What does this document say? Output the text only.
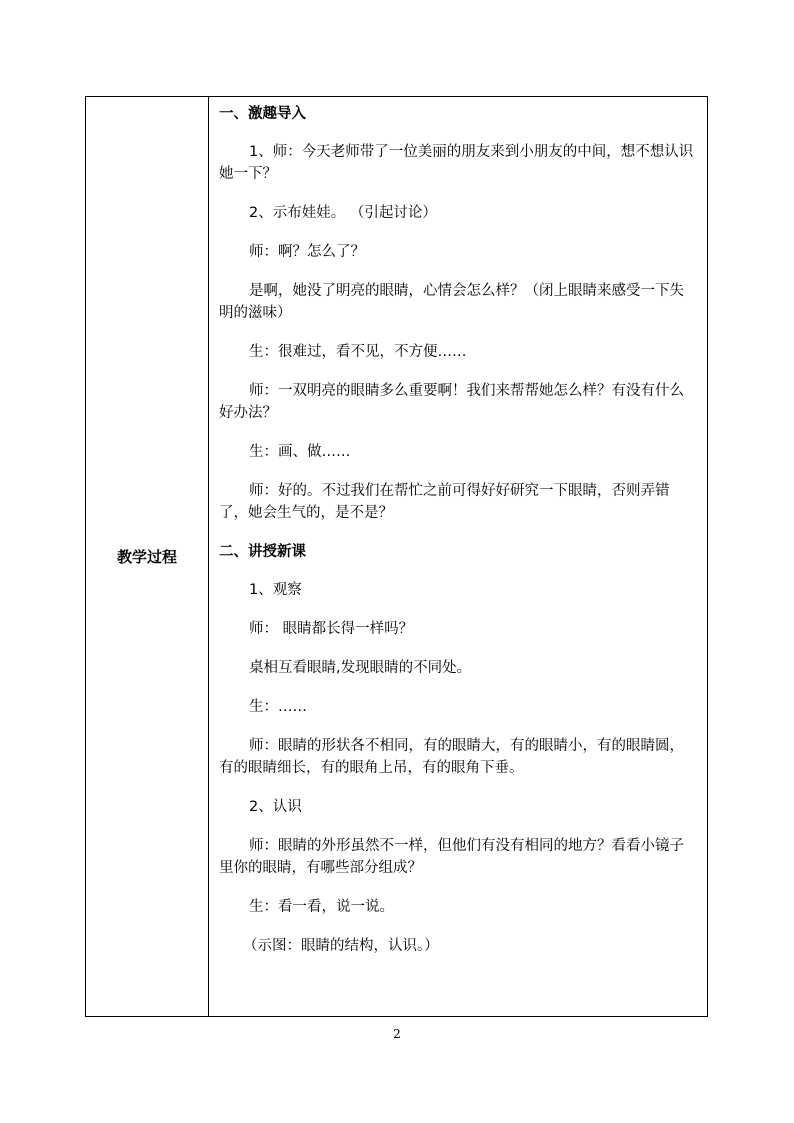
教学过程	

一、激趣导入

1、师：今天老师带了一位美丽的朋友来到小朋友的中间，想不想认识她一下？

2、示布娃娃。 （引起讨论）

师：啊？怎么了？

是啊，她没了明亮的眼睛，心情会怎么样？（闭上眼睛来感受一下失明的滋味）

生：很难过，看不见，不方便……

师：一双明亮的眼睛多么重要啊！我们来帮帮她怎么样？有没有什么好办法？

生：画、做……

师：好的。不过我们在帮忙之前可得好好研究一下眼睛，否则弄错了，她会生气的，是不是？

二、讲授新课

1、观察

师： 眼睛都长得一样吗？

桌相互看眼睛,发现眼睛的不同处。

生：……

师：眼睛的形状各不相同，有的眼睛大，有的眼睛小，有的眼睛圆，有的眼睛细长，有的眼角上吊，有的眼角下垂。

2、认识

师：眼睛的外形虽然不一样，但他们有没有相同的地方？看看小镜子里你的眼睛，有哪些部分组成？

生：看一看，说一说。

（示图：眼睛的结构，认识。）

2
